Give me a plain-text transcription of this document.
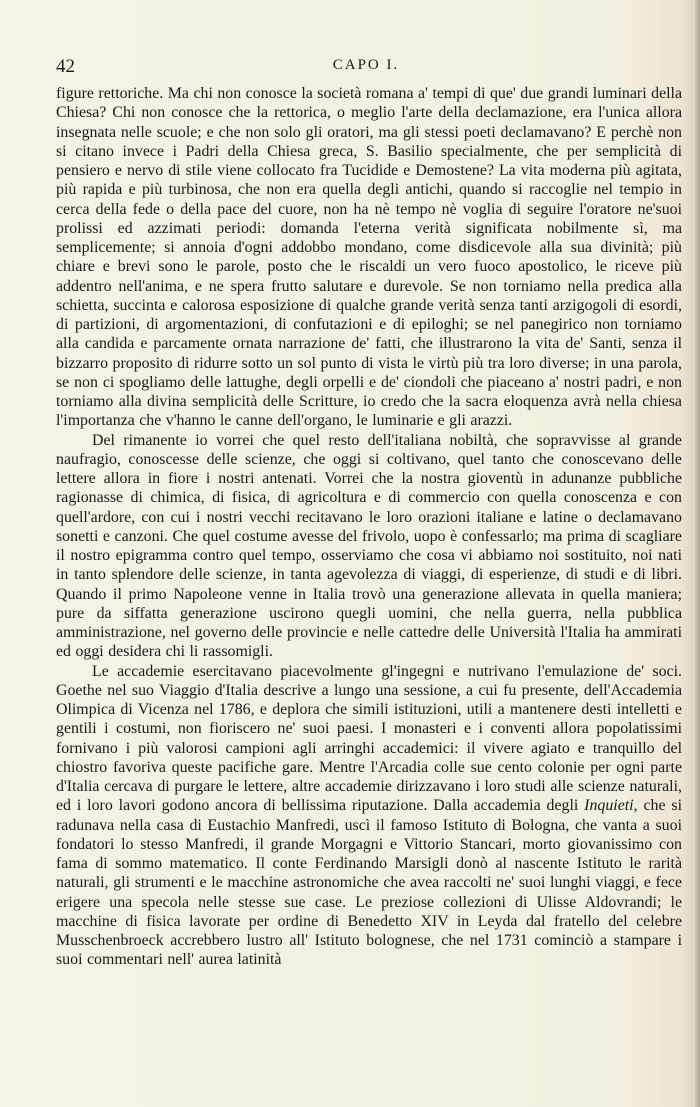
42	CAPO I.

figure rettoriche. Ma chi non conosce la società romana a' tempi di que' due grandi luminari della Chiesa? Chi non conosce che la rettorica, o meglio l'arte della declamazione, era l'unica allora insegnata nelle scuole; e che non solo gli oratori, ma gli stessi poeti declamavano? E perchè non si citano invece i Padri della Chiesa greca, S. Basilio specialmente, che per semplicità di pensiero e nervo di stile viene collocato fra Tucidide e Demostene? La vita moderna più agitata, più rapida e più turbinosa, che non era quella degli antichi, quando si raccoglie nel tempio in cerca della fede o della pace del cuore, non ha nè tempo nè voglia di seguire l'oratore ne'suoi prolissi ed azzimati periodi: domanda l'eterna verità significata nobilmente sì, ma semplicemente; si annoia d'ogni addobbo mondano, come disdicevole alla sua divinità; più chiare e brevi sono le parole, posto che le riscaldi un vero fuoco apostolico, le riceve più addentro nell'anima, e ne spera frutto salutare e durevole. Se non torniamo nella predica alla schietta, succinta e calorosa esposizione di qualche grande verità senza tanti arzigogoli di esordi, di partizioni, di argomentazioni, di confutazioni e di epiloghi; se nel panegirico non torniamo alla candida e parcamente ornata narrazione de' fatti, che illustrarono la vita de' Santi, senza il bizzarro proposito di ridurre sotto un sol punto di vista le virtù più tra loro diverse; in una parola, se non ci spogliamo delle lattughe, degli orpelli e de' ciondoli che piaceano a' nostri padri, e non torniamo alla divina semplicità delle Scritture, io credo che la sacra eloquenza avrà nella chiesa l'importanza che v'hanno le canne dell'organo, le luminarie e gli arazzi.

Del rimanente io vorrei che quel resto dell'italiana nobiltà, che sopravvisse al grande naufragio, conoscesse delle scienze, che oggi si coltivano, quel tanto che conoscevano delle lettere allora in fiore i nostri antenati. Vorrei che la nostra gioventù in adunanze pubbliche ragionasse di chimica, di fisica, di agricoltura e di commercio con quella conoscenza e con quell'ardore, con cui i nostri vecchi recitavano le loro orazioni italiane e latine o declamavano sonetti e canzoni. Che quel costume avesse del frivolo, uopo è confessarlo; ma prima di scagliare il nostro epigramma contro quel tempo, osserviamo che cosa vi abbiamo noi sostituito, noi nati in tanto splendore delle scienze, in tanta agevolezza di viaggi, di esperienze, di studi e di libri. Quando il primo Napoleone venne in Italia trovò una generazione allevata in quella maniera; pure da siffatta generazione uscirono quegli uomini, che nella guerra, nella pubblica amministrazione, nel governo delle provincie e nelle cattedre delle Università l'Italia ha ammirati ed oggi desidera chi li rassomigli.

Le accademie esercitavano piacevolmente gl'ingegni e nutrivano l'emulazione de' soci. Goethe nel suo Viaggio d'Italia descrive a lungo una sessione, a cui fu presente, dell'Accademia Olimpica di Vicenza nel 1786, e deplora che simili istituzioni, utili a mantenere desti intelletti e gentili i costumi, non fioriscero ne' suoi paesi. I monasteri e i conventi allora popolatissimi fornivano i più valorosi campioni agli arringhi accademici: il vivere agiato e tranquillo del chiostro favoriva queste pacifiche gare. Mentre l'Arcadia colle sue cento colonie per ogni parte d'Italia cercava di purgare le lettere, altre accademie dirizzavano i loro studi alle scienze naturali, ed i loro lavori godono ancora di bellissima riputazione. Dalla accademia degli Inquieti, che si radunava nella casa di Eustachio Manfredi, uscì il famoso Istituto di Bologna, che vanta a suoi fondatori lo stesso Manfredi, il grande Morgagni e Vittorio Stancari, morto giovanissimo con fama di sommo matematico. Il conte Ferdinando Marsigli donò al nascente Istituto le rarità naturali, gli strumenti e le macchine astronomiche che avea raccolti ne' suoi lunghi viaggi, e fece erigere una specola nelle stesse sue case. Le preziose collezioni di Ulisse Aldovrandi; le macchine di fisica lavorate per ordine di Benedetto XIV in Leyda dal fratello del celebre Musschenbroeck accrebbero lustro all' Istituto bolognese, che nel 1731 cominciò a stampare i suoi commentari nell' aurea latinità
